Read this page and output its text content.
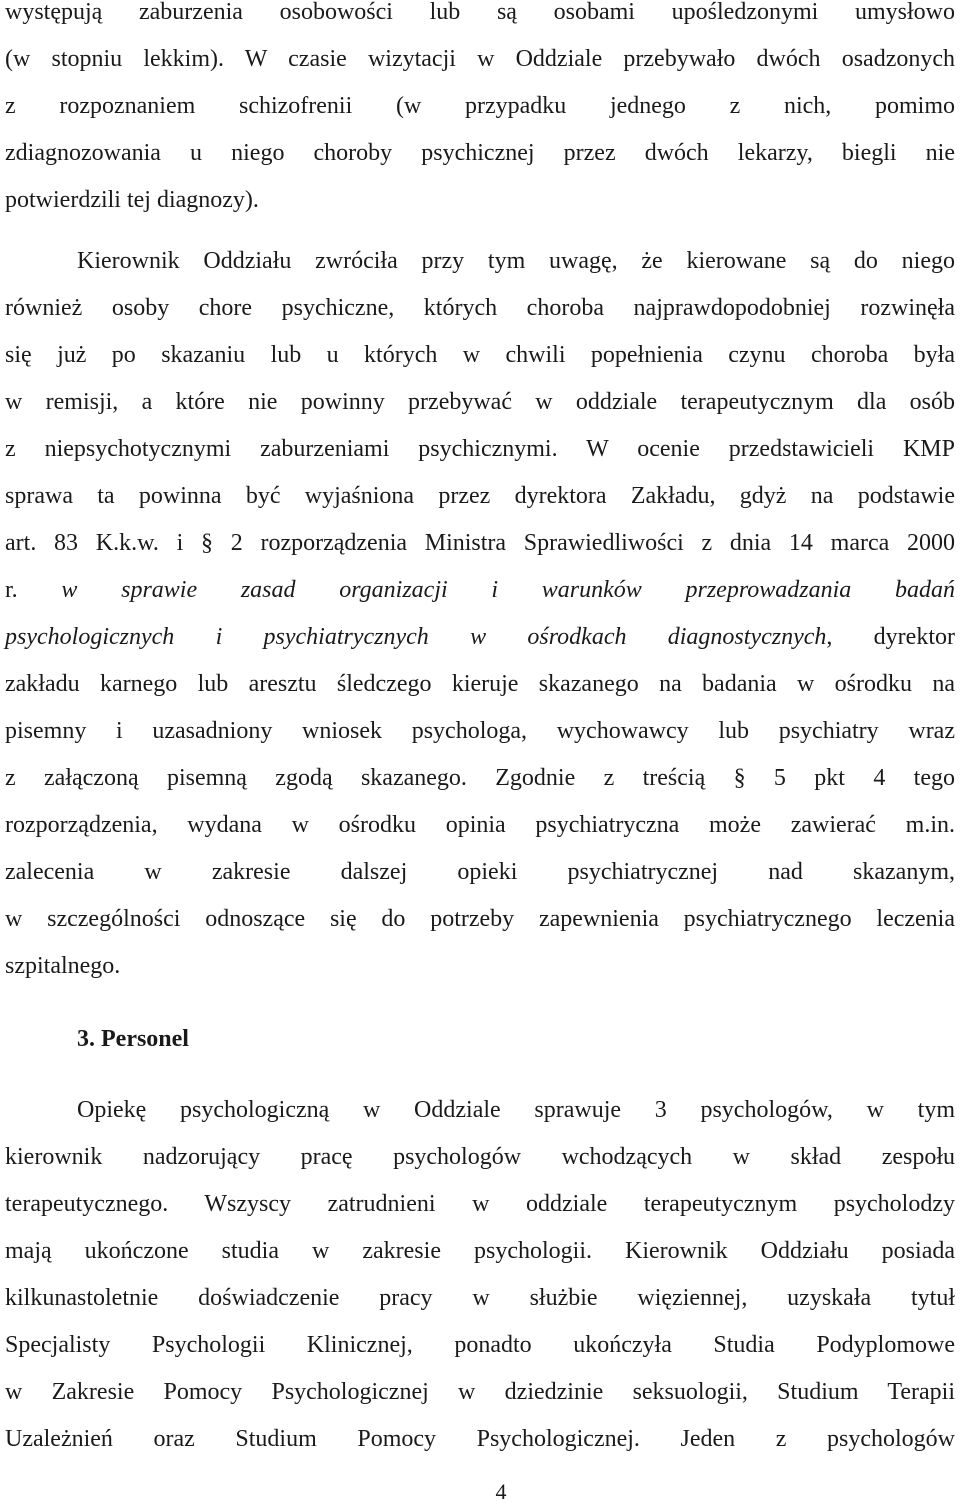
występują zaburzenia osobowości lub są osobami upośledzonymi umysłowo
(w stopniu lekkim). W czasie wizytacji w Oddziale przebywało dwóch osadzonych
z rozpoznaniem schizofrenii (w przypadku jednego z nich, pomimo
zdiagnozowania u niego choroby psychicznej przez dwóch lekarzy, biegli nie
potwierdzili tej diagnozy).
Kierownik Oddziału zwróciła przy tym uwagę, że kierowane są do niego
również osoby chore psychiczne, których choroba najprawdopodobniej rozwinęła
się już po skazaniu lub u których w chwili popełnienia czynu choroba była
w remisji, a które nie powinny przebywać w oddziale terapeutycznym dla osób
z niepsychotycznymi zaburzeniami psychicznymi. W ocenie przedstawicieli KMP
sprawa ta powinna być wyjaśniona przez dyrektora Zakładu, gdyż na podstawie
art. 83 K.k.w. i § 2 rozporządzenia Ministra Sprawiedliwości z dnia 14 marca 2000
r. w sprawie zasad organizacji i warunków przeprowadzania badań
psychologicznych i psychiatrycznych w ośrodkach diagnostycznych, dyrektor
zakładu karnego lub aresztu śledczego kieruje skazanego na badania w ośrodku na
pisemny i uzasadniony wniosek psychologa, wychowawcy lub psychiatry wraz
z załączoną pisemną zgodą skazanego. Zgodnie z treścią § 5 pkt 4 tego
rozporządzenia, wydana w ośrodku opinia psychiatryczna może zawierać m.in.
zalecenia w zakresie dalszej opieki psychiatrycznej nad skazanym,
w szczególności odnoszące się do potrzeby zapewnienia psychiatrycznego leczenia
szpitalnego.
3. Personel
Opiekę psychologiczną w Oddziale sprawuje 3 psychologów, w tym
kierownik nadzorujący pracę psychologów wchodzących w skład zespołu
terapeutycznego. Wszyscy zatrudnieni w oddziale terapeutycznym psycholodzy
mają ukończone studia w zakresie psychologii. Kierownik Oddziału posiada
kilkunastoletnie doświadczenie pracy w służbie więziennej, uzyskała tytuł
Specjalisty Psychologii Klinicznej, ponadto ukończyła Studia Podyplomowe
w Zakresie Pomocy Psychologicznej w dziedzinie seksuologii, Studium Terapii
Uzależnień oraz Studium Pomocy Psychologicznej. Jeden z psychologów
4
